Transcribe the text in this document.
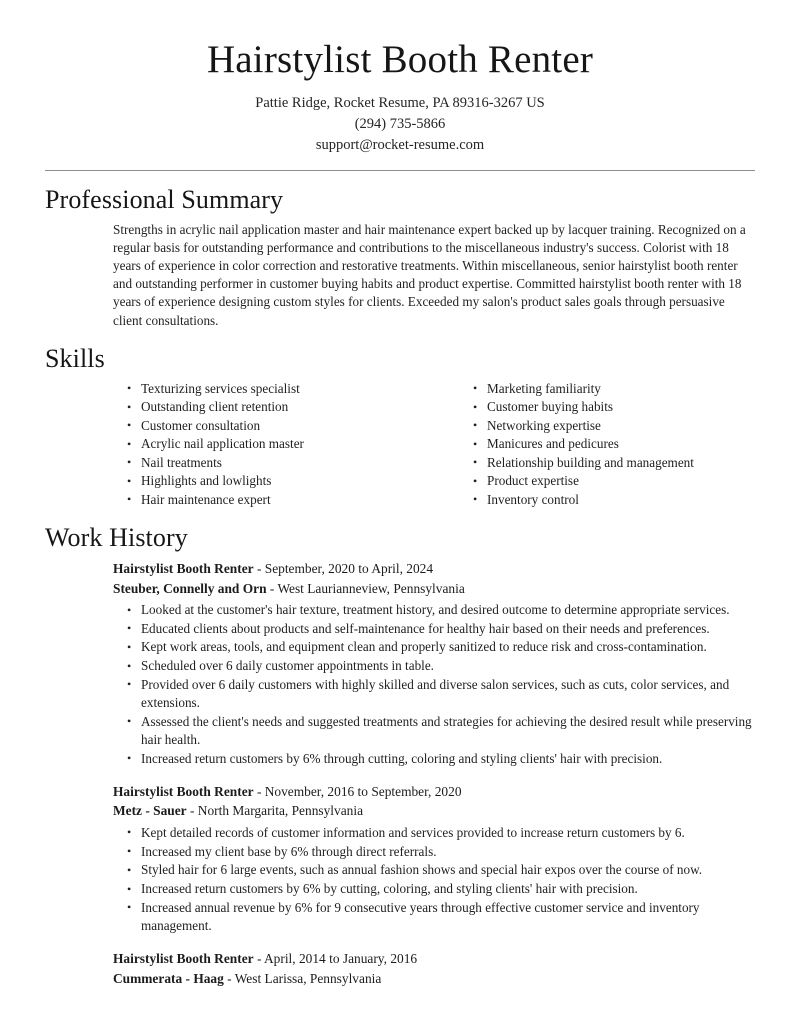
Hairstylist Booth Renter
Pattie Ridge, Rocket Resume, PA 89316-3267 US
(294) 735-5866
support@rocket-resume.com
Professional Summary

Strengths in acrylic nail application master and hair maintenance expert backed up by lacquer training. Recognized on a regular basis for outstanding performance and contributions to the miscellaneous industry's success. Colorist with 18 years of experience in color correction and restorative treatments. Within miscellaneous, senior hairstylist booth renter and outstanding performer in customer buying habits and product expertise. Committed hairstylist booth renter with 18 years of experience designing custom styles for clients. Exceeded my salon's product sales goals through persuasive client consultations.

Skills
• Texturizing services specialist
• Outstanding client retention
• Customer consultation
• Acrylic nail application master
• Nail treatments
• Highlights and lowlights
• Hair maintenance expert
• Marketing familiarity
• Customer buying habits
• Networking expertise
• Manicures and pedicures
• Relationship building and management
• Product expertise
• Inventory control
Work History
Hairstylist Booth Renter - September, 2020 to April, 2024
Steuber, Connelly and Orn - West Laurianneview, Pennsylvania
• Looked at the customer's hair texture, treatment history, and desired outcome to determine appropriate services.
• Educated clients about products and self-maintenance for healthy hair based on their needs and preferences.
• Kept work areas, tools, and equipment clean and properly sanitized to reduce risk and cross-contamination.
• Scheduled over 6 daily customer appointments in table.
• Provided over 6 daily customers with highly skilled and diverse salon services, such as cuts, color services, and extensions.
• Assessed the client's needs and suggested treatments and strategies for achieving the desired result while preserving hair health.
• Increased return customers by 6% through cutting, coloring and styling clients' hair with precision.
Hairstylist Booth Renter - November, 2016 to September, 2020
Metz - Sauer - North Margarita, Pennsylvania
• Kept detailed records of customer information and services provided to increase return customers by 6.
• Increased my client base by 6% through direct referrals.
• Styled hair for 6 large events, such as annual fashion shows and special hair expos over the course of now.
• Increased return customers by 6% by cutting, coloring, and styling clients' hair with precision.
• Increased annual revenue by 6% for 9 consecutive years through effective customer service and inventory management.
Hairstylist Booth Renter - April, 2014 to January, 2016
Cummerata - Haag - West Larissa, Pennsylvania
